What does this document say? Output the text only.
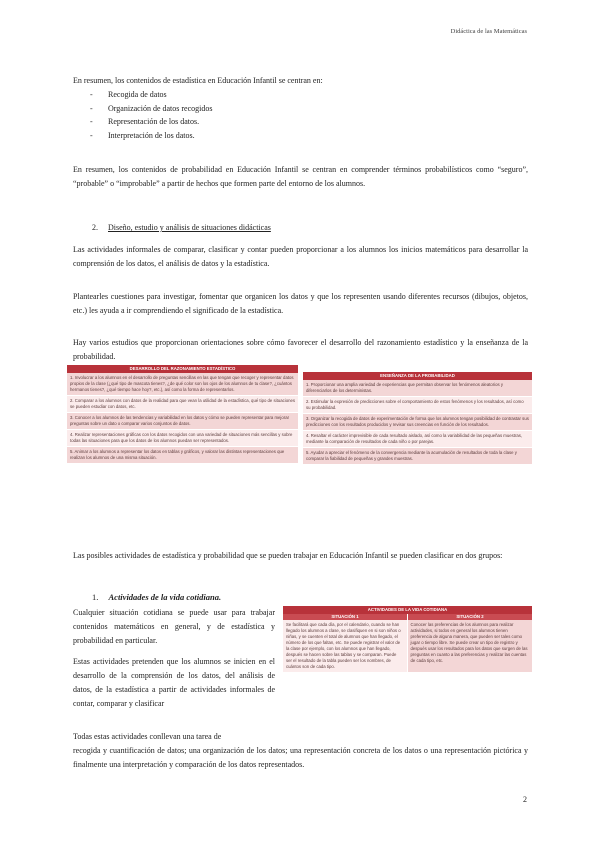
Didáctica de las Matemáticas
En resumen, los contenidos de estadística en Educación Infantil se centran en:
- Recogida de datos
- Organización de datos recogidos
- Representación de los datos.
- Interpretación de los datos.
En resumen, los contenidos de probabilidad en Educación Infantil se centran en comprender términos probabilísticos como “seguro”, “probable” o “improbable” a partir de hechos que formen parte del entorno de los alumnos.
2. Diseño, estudio y análisis de situaciones didácticas
Las actividades informales de comparar, clasificar y contar pueden proporcionar a los alumnos los inicios matemáticos para desarrollar la comprensión de los datos, el análisis de datos y la estadística.
Plantearles cuestiones para investigar, fomentar que organicen los datos y que los representen usando diferentes recursos (dibujos, objetos, etc.) les ayuda a ir comprendiendo el significado de la estadística.
Hay varios estudios que proporcionan orientaciones sobre cómo favorecer el desarrollo del razonamiento estadístico y la enseñanza de la probabilidad.
DESARROLLO DEL RAZONAMIENTO ESTADÍSTICO
1. Involucrar a los alumnos en el desarrollo de preguntas sencillas en las que tengan que recoger y representar datos propios de la clase (¿qué tipo de mascota tienes?, ¿de qué color son los ojos de los alumnos de tu clase?, ¿cuántos hermanos tienes?, ¿qué tiempo hace hoy?, etc.), así como la forma de representarlos.
2. Comparar a los alumnos con datos de la realidad para que vean la utilidad de la estadística, qué tipo de situaciones se pueden estudiar con datos, etc.
3. Conocer a los alumnos de las tendencias y variabilidad en los datos y cómo se pueden representar para mejorar preguntas sobre un dato o comparar varios conjuntos de datos.
4. Realizar representaciones gráficas con los datos recogidos con una variedad de situaciones más sencillas y sobre todas las situaciones para que los datos de los alumnos puedan ser representados.
5. Animar a los alumnos a representar los datos en tablas y gráficos, y valorar las distintas representaciones que realizan los alumnos de una misma situación.
ENSEÑANZA DE LA PROBABILIDAD
1. Proporcionar una amplia variedad de experiencias que permitan observar los fenómenos aleatorios y diferenciarlos de los deterministas.
2. Estimular la expresión de predicciones sobre el comportamiento de estos fenómenos y los resultados, así como su probabilidad.
3. Organizar la recogida de datos de experimentación de forma que los alumnos tengan posibilidad de contrastar sus predicciones con los resultados producidos y revisar sus creencias en función de los resultados.
4. Resaltar el carácter imprevisible de cada resultado aislado, así como la variabilidad de las pequeñas muestras, mediante la comparación de resultados de cada niño o por parejas.
5. Ayudar a apreciar el fenómeno de la convergencia mediante la acumulación de resultados de toda la clase y comparar la fiabilidad de pequeñas y grandes muestras.
Las posibles actividades de estadística y probabilidad que se pueden trabajar en Educación Infantil se pueden clasificar en dos grupos:
1. Actividades de la vida cotidiana.
Cualquier situación cotidiana se puede usar para trabajar contenidos matemáticos en general, y de estadística y probabilidad en particular.
Estas actividades pretenden que los alumnos se inicien en el desarrollo de la comprensión de los datos, del análisis de datos, de la estadística a partir de actividades informales de contar, comparar y clasificar
Todas estas actividades conllevan una tarea de
recogida y cuantificación de datos; una organización de los datos; una representación concreta de los datos o una representación pictórica y finalmente una interpretación y comparación de los datos representados.
ACTIVIDADES DE LA VIDA COTIDIANA
SITUACIÓN 1	SITUACIÓN 2
Se facilitará que cada día, por el calendario, cuando se han llegado los alumnos a clase, se clasifiquen en si son niños o niñas, y se cuenten el total de alumnos que han llegado, el número de los que faltan, etc. Se puede registrar el valor de la clase por ejemplo, con los alumnos que han llegado, después se hacen sobre las tablas y se comparan. Puede ser el resultado de la tabla pueden ser los nombres, de cuántos son de cada tipo.
Conocer las preferencias de los alumnos para realizar actividades, si todos en general los alumnos tienen preferencia de alguna manera, que pueden ser tales como jugar o tiempo libre. Se puede crear un tipo de registro y después usar los resultados para los datos que surgen de las preguntas en cuanto a las preferencias y realizar las cuentas de cada tipo, etc.
2
